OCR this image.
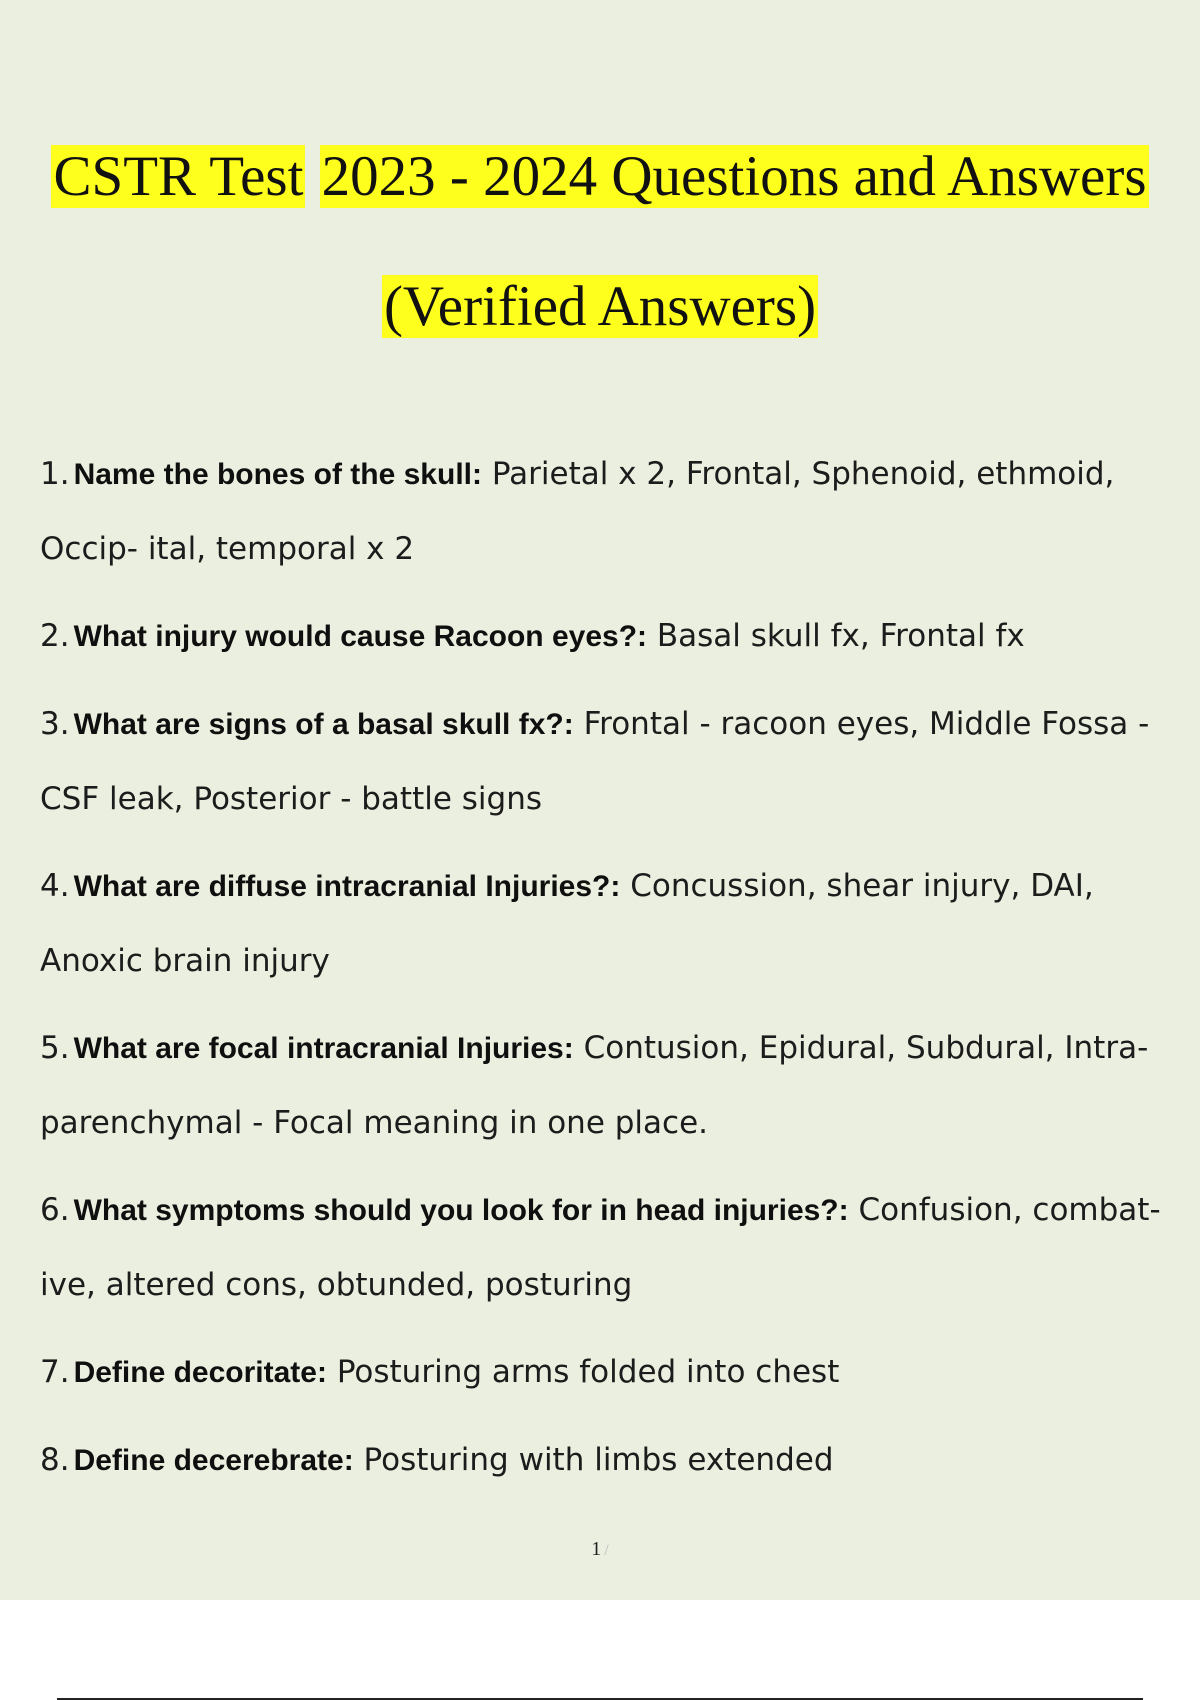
CSTR Test 2023 - 2024 Questions and Answers
(Verified Answers)
1. Name the bones of the skull: Parietal x 2, Frontal, Sphenoid, ethmoid, Occip- ital, temporal x 2
2. What injury would cause Racoon eyes?: Basal skull fx, Frontal fx
3. What are signs of a basal skull fx?: Frontal - racoon eyes, Middle Fossa - CSF leak, Posterior - battle signs
4. What are diffuse intracranial Injuries?: Concussion, shear injury, DAI, Anoxic brain injury
5. What are focal intracranial Injuries: Contusion, Epidural, Subdural, Intra- parenchymal - Focal meaning in one place.
6. What symptoms should you look for in head injuries?: Confusion, combat- ive, altered cons, obtunded, posturing
7. Define decoritate: Posturing arms folded into chest
8. Define decerebrate: Posturing with limbs extended
1 /
